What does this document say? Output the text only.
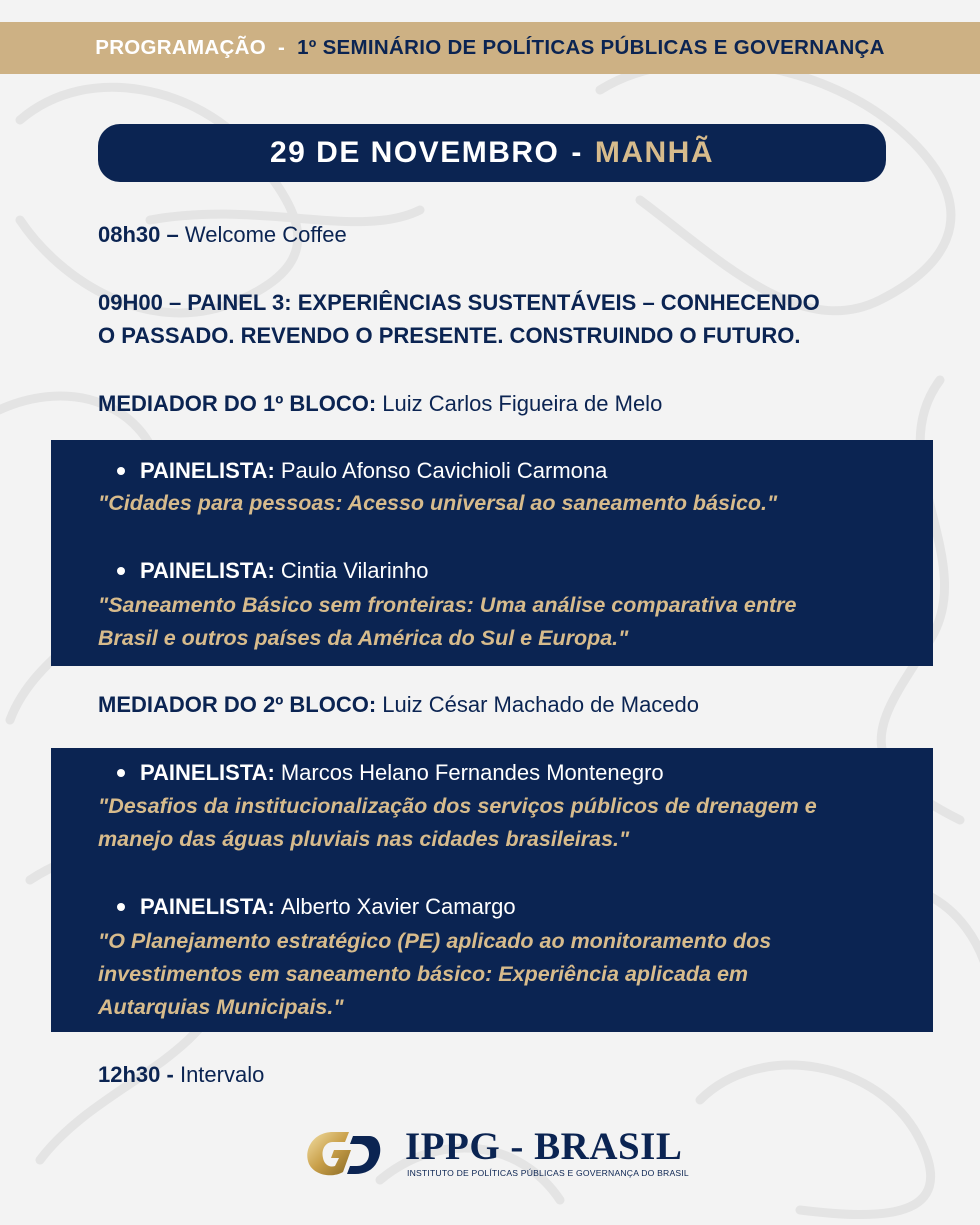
PROGRAMAÇÃO - 1º SEMINÁRIO DE POLÍTICAS PÚBLICAS E GOVERNANÇA
29 DE NOVEMBRO - MANHÃ
08h30 – Welcome Coffee
09H00 – PAINEL 3: EXPERIÊNCIAS SUSTENTÁVEIS – CONHECENDO
O PASSADO. REVENDO O PRESENTE. CONSTRUINDO O FUTURO.
MEDIADOR DO 1º BLOCO: Luiz Carlos Figueira de Melo
PAINELISTA: Paulo Afonso Cavichioli Carmona
"Cidades para pessoas: Acesso universal ao saneamento básico."
PAINELISTA: Cintia Vilarinho
"Saneamento Básico sem fronteiras: Uma análise comparativa entre
Brasil e outros países da América do Sul e Europa."
MEDIADOR DO 2º BLOCO: Luiz César Machado de Macedo
PAINELISTA: Marcos Helano Fernandes Montenegro
"Desafios da institucionalização dos serviços públicos de drenagem e
manejo das águas pluviais nas cidades brasileiras."
PAINELISTA: Alberto Xavier Camargo
"O Planejamento estratégico (PE) aplicado ao monitoramento dos
investimentos em saneamento básico: Experiência aplicada em
Autarquias Municipais."
12h30 - Intervalo
IPPG - BRASIL
INSTITUTO DE POLÍTICAS PÚBLICAS E GOVERNANÇA DO BRASIL
